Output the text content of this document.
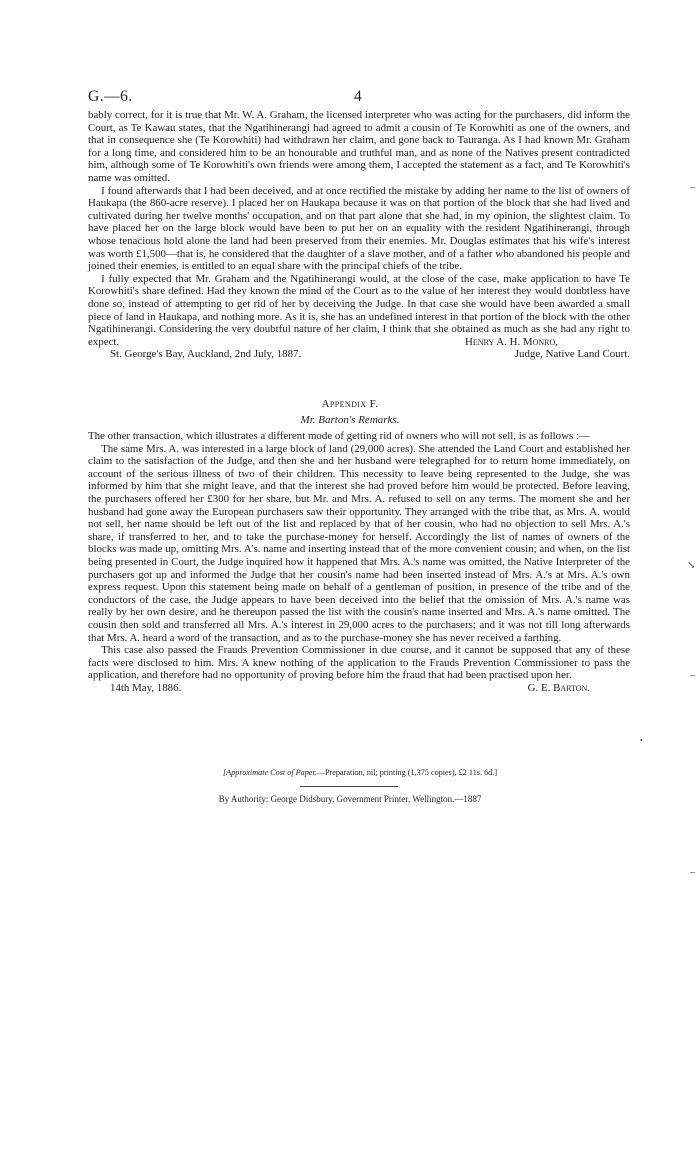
G.—6.	4

bably correct, for it is true that Mr. W. A. Graham, the licensed interpreter who was acting for the purchasers, did inform the Court, as Te Kawau states, that the Ngatihinerangi had agreed to admit a cousin of Te Korowhiti as one of the owners, and that in consequence she (Te Korowhiti) had withdrawn her claim, and gone back to Tauranga. As I had known Mr. Graham for a long time, and considered him to be an honourable and truthful man, and as none of the Natives present contradicted him, although some of Te Korowhiti's own friends were among them, I accepted the statement as a fact, and Te Korowhiti's name was omitted.

I found afterwards that I had been deceived, and at once rectified the mistake by adding her name to the list of owners of Haukapa (the 860-acre reserve). I placed her on Haukapa because it was on that portion of the block that she had lived and cultivated during her twelve months' occupation, and on that part alone that she had, in my opinion, the slightest claim. To have placed her on the large block would have been to put her on an equality with the resident Ngatihinerangi, through whose tenacious hold alone the land had been preserved from their enemies. Mr. Douglas estimates that his wife's interest was worth £1,500—that is, he considered that the daughter of a slave mother, and of a father who abandoned his people and joined their enemies, is entitled to an equal share with the principal chiefs of the tribe.

I fully expected that Mr. Graham and the Ngatihinerangi would, at the close of the case, make application to have Te Korowhiti's share defined. Had they known the mind of the Court as to the value of her interest they would doubtless have done so, instead of attempting to get rid of her by deceiving the Judge. In that case she would have been awarded a small piece of land in Haukapa, and nothing more. As it is, she has an undefined interest in that portion of the block with the other Ngatihinerangi. Considering the very doubtful nature of her claim, I think that she obtained as much as she had any right to expect.	Henry A. H. Monro,
St. George's Bay, Auckland, 2nd July, 1887.	Judge, Native Land Court.
Appendix F.
Mr. Barton's Remarks.

The other transaction, which illustrates a different mode of getting rid of owners who will not sell, is as follows :—

The same Mrs. A. was interested in a large block of land (29,000 acres). She attended the Land Court and established her claim to the satisfaction of the Judge, and then she and her husband were telegraphed for to return home immediately, on account of the serious illness of two of their children. This necessity to leave being represented to the Judge, she was informed by him that she might leave, and that the interest she had proved before him would be protected. Before leaving, the purchasers offered her £300 for her share, but Mr. and Mrs. A. refused to sell on any terms. The moment she and her husband had gone away the European purchasers saw their opportunity. They arranged with the tribe that, as Mrs. A. would not sell, her name should be left out of the list and replaced by that of her cousin, who had no objection to sell Mrs. A.'s share, if transferred to her, and to take the purchase-money for herself. Accordingly the list of names of owners of the blocks was made up, omitting Mrs. A's. name and inserting instead that of the more convenient cousin; and when, on the list being presented in Court, the Judge inquired how it happened that Mrs. A.'s name was omitted, the Native Interpreter of the purchasers got up and informed the Judge that her cousin's name had been inserted instead of Mrs. A.'s at Mrs. A.'s own express request. Upon this statement being made on behalf of a gentleman of position, in presence of the tribe and of the conductors of the case, the Judge appears to have been deceived into the belief that the omission of Mrs. A.'s name was really by her own desire, and he thereupon passed the list with the cousin's name inserted and Mrs. A.'s name omitted. The cousin then sold and transferred all Mrs. A.'s interest in 29,000 acres to the purchasers; and it was not till long afterwards that Mrs. A. heard a word of the transaction, and as to the purchase-money she has never received a farthing.

This case also passed the Frauds Prevention Commissioner in due course, and it cannot be supposed that any of these facts were disclosed to him. Mrs. A knew nothing of the application to the Frauds Prevention Commissioner to pass the application, and therefore had no opportunity of proving before him the fraud that had been practised upon her.

14th May, 1886.	G. E. Barton.
[Approximate Cost of Paper.—Preparation, nil; printing (1,375 copies), £2 11s. 6d.]
By Authority: George Didsbury, Government Printer, Wellington.—1887
–
↘
–
–
•
